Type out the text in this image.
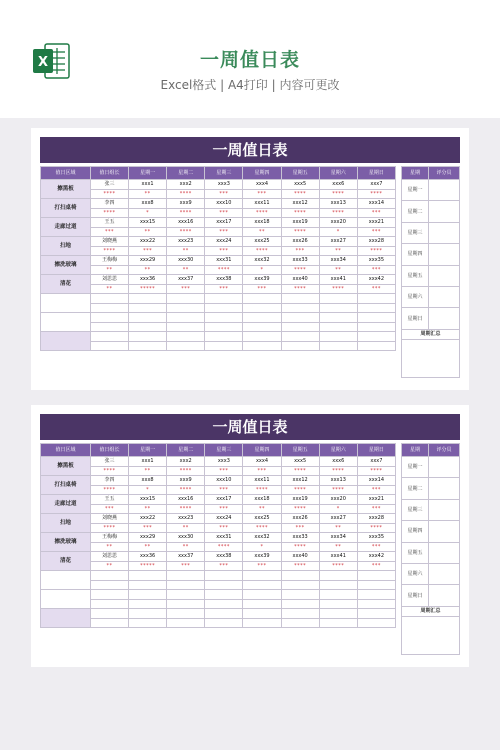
X	一周值日表
Excel格式 | A4打印 | 内容可更改
一周值日表
值日区域	值日组长	星期一	星期二	星期三	星期四	星期五	星期六	星期日
擦黑板	张三	xxx1	xxx2	xxx3	xxx4	xxx5	xxx6	xxx7
	****	**	****	***	***	****	****	****
打扫桌椅	李四	xxx8	xxx9	xxx10	xxx11	xxx12	xxx13	xxx14
	****	*	****	***	****	****	****	***
走廊过道	王五	xxx15	xxx16	xxx17	xxx18	xxx19	xxx20	xxx21
	***	**	****	***	**	****	*	***
扫地	刘晓燕	xxx22	xxx23	xxx24	xxx25	xxx26	xxx27	xxx28
	****	***	**	***	****	***	**	****
擦洗玻璃	王梅梅	xxx29	xxx30	xxx31	xxx32	xxx33	xxx34	xxx35
	**	**	**	****	*	****	**	***
清花	刘思思	xxx36	xxx37	xxx38	xxx39	xxx40	xxx41	xxx42
	**	*****	***	***	***	****	****	***

星期	评分员
星期一	
星期二	
星期三	
星期四	
星期五	
星期六	
星期日	
周期汇总	

一周值日表
值日区域	值日组长	星期一	星期二	星期三	星期四	星期五	星期六	星期日
擦黑板	张三	xxx1	xxx2	xxx3	xxx4	xxx5	xxx6	xxx7
	****	**	****	***	***	****	****	****
打扫桌椅	李四	xxx8	xxx9	xxx10	xxx11	xxx12	xxx13	xxx14
	****	*	****	***	****	****	****	***
走廊过道	王五	xxx15	xxx16	xxx17	xxx18	xxx19	xxx20	xxx21
	***	**	****	***	**	****	*	***
扫地	刘晓燕	xxx22	xxx23	xxx24	xxx25	xxx26	xxx27	xxx28
	****	***	**	***	****	***	**	****
擦洗玻璃	王梅梅	xxx29	xxx30	xxx31	xxx32	xxx33	xxx34	xxx35
	**	**	**	****	*	****	**	***
清花	刘思思	xxx36	xxx37	xxx38	xxx39	xxx40	xxx41	xxx42
	**	*****	***	***	***	****	****	***

星期	评分员
星期一	
星期二	
星期三	
星期四	
星期五	
星期六	
星期日	
周期汇总	
